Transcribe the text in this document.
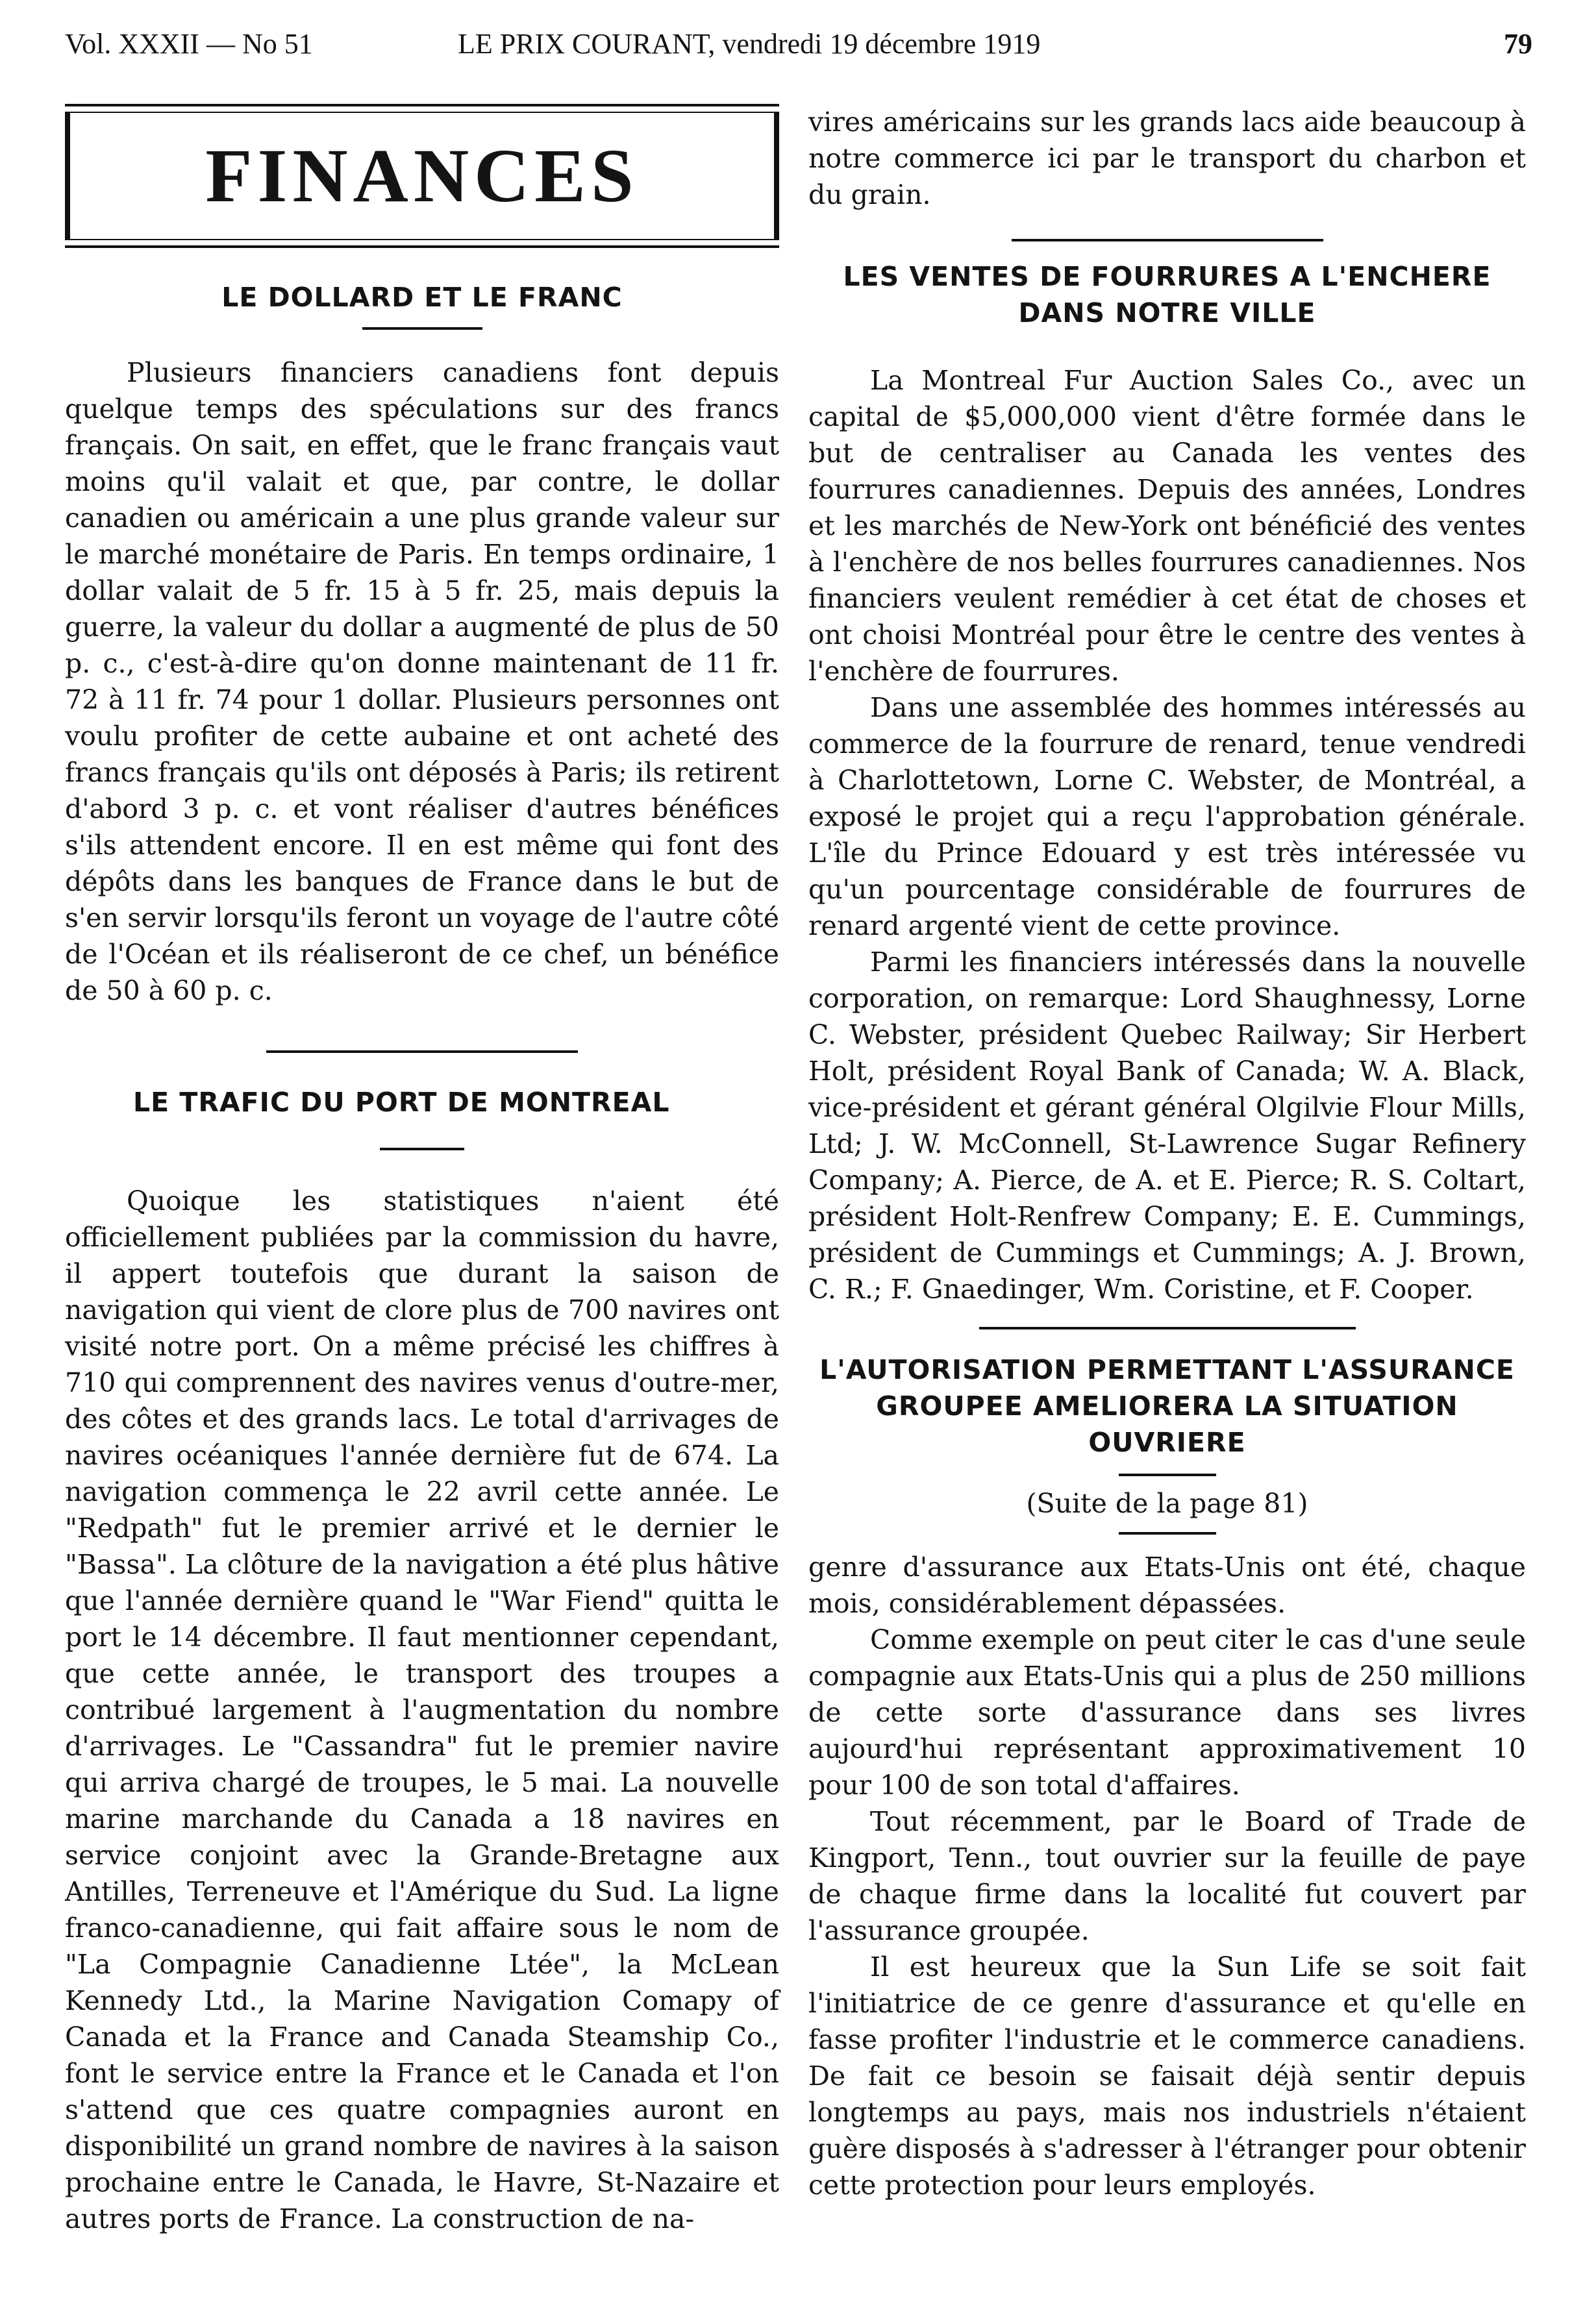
Vol. XXXII — No 51	LE PRIX COURANT, vendredi 19 décembre 1919	79
FINANCES
LE DOLLARD ET LE FRANC

Plusieurs financiers canadiens font depuis quelque temps des spéculations sur des francs français. On sait, en effet, que le franc français vaut moins qu'il valait et que, par contre, le dollar canadien ou américain a une plus grande valeur sur le marché monétaire de Paris. En temps ordinaire, 1 dollar valait de 5 fr. 15 à 5 fr. 25, mais depuis la guerre, la valeur du dollar a augmenté de plus de 50 p. c., c'est-à-dire qu'on donne maintenant de 11 fr. 72 à 11 fr. 74 pour 1 dollar. Plusieurs personnes ont voulu profiter de cette aubaine et ont acheté des francs français qu'ils ont déposés à Paris; ils retirent d'abord 3 p. c. et vont réaliser d'autres bénéfices s'ils attendent encore. Il en est même qui font des dépôts dans les banques de France dans le but de s'en servir lorsqu'ils feront un voyage de l'autre côté de l'Océan et ils réaliseront de ce chef, un bénéfice de 50 à 60 p. c.

LE TRAFIC DU PORT DE MONTREAL

Quoique les statistiques n'aient été officiellement publiées par la commission du havre, il appert toutefois que durant la saison de navigation qui vient de clore plus de 700 navires ont visité notre port. On a même précisé les chiffres à 710 qui comprennent des navires venus d'outre-mer, des côtes et des grands lacs. Le total d'arrivages de navires océaniques l'année dernière fut de 674. La navigation commença le 22 avril cette année. Le "Redpath" fut le premier arrivé et le dernier le "Bassa". La clôture de la navigation a été plus hâtive que l'année dernière quand le "War Fiend" quitta le port le 14 décembre. Il faut mentionner cependant, que cette année, le transport des troupes a contribué largement à l'augmentation du nombre d'arrivages. Le "Cassandra" fut le premier navire qui arriva chargé de troupes, le 5 mai. La nouvelle marine marchande du Canada a 18 navires en service conjoint avec la Grande-Bretagne aux Antilles, Terreneuve et l'Amérique du Sud. La ligne franco-canadienne, qui fait affaire sous le nom de "La Compagnie Canadienne Ltée", la McLean Kennedy Ltd., la Marine Navigation Comapy of Canada et la France and Canada Steamship Co., font le service entre la France et le Canada et l'on s'attend que ces quatre compagnies auront en disponibilité un grand nombre de navires à la saison prochaine entre le Canada, le Havre, St-Nazaire et autres ports de France. La construction de na-

vires américains sur les grands lacs aide beaucoup à notre commerce ici par le transport du charbon et du grain.

LES VENTES DE FOURRURES A L'ENCHERE
DANS NOTRE VILLE

La Montreal Fur Auction Sales Co., avec un capital de $5,000,000 vient d'être formée dans le but de centraliser au Canada les ventes des fourrures canadiennes. Depuis des années, Londres et les marchés de New-York ont bénéficié des ventes à l'enchère de nos belles fourrures canadiennes. Nos financiers veulent remédier à cet état de choses et ont choisi Montréal pour être le centre des ventes à l'enchère de fourrures.

Dans une assemblée des hommes intéressés au commerce de la fourrure de renard, tenue vendredi à Charlottetown, Lorne C. Webster, de Montréal, a exposé le projet qui a reçu l'approbation générale. L'île du Prince Edouard y est très intéressée vu qu'un pourcentage considérable de fourrures de renard argenté vient de cette province.

Parmi les financiers intéressés dans la nouvelle corporation, on remarque: Lord Shaughnessy, Lorne C. Webster, président Quebec Railway; Sir Herbert Holt, président Royal Bank of Canada; W. A. Black, vice-président et gérant général Olgilvie Flour Mills, Ltd; J. W. McConnell, St-Lawrence Sugar Refinery Company; A. Pierce, de A. et E. Pierce; R. S. Coltart, président Holt-Renfrew Company; E. E. Cummings, président de Cummings et Cummings; A. J. Brown, C. R.; F. Gnaedinger, Wm. Coristine, et F. Cooper.

L'AUTORISATION PERMETTANT L'ASSURANCE
GROUPEE AMELIORERA LA SITUATION
OUVRIERE

(Suite de la page 81)

genre d'assurance aux Etats-Unis ont été, chaque mois, considérablement dépassées.

Comme exemple on peut citer le cas d'une seule compagnie aux Etats-Unis qui a plus de 250 millions de cette sorte d'assurance dans ses livres aujourd'hui représentant approximativement 10 pour 100 de son total d'affaires.

Tout récemment, par le Board of Trade de Kingport, Tenn., tout ouvrier sur la feuille de paye de chaque firme dans la localité fut couvert par l'assurance groupée.

Il est heureux que la Sun Life se soit fait l'initiatrice de ce genre d'assurance et qu'elle en fasse profiter l'industrie et le commerce canadiens. De fait ce besoin se faisait déjà sentir depuis longtemps au pays, mais nos industriels n'étaient guère disposés à s'adresser à l'étranger pour obtenir cette protection pour leurs employés.
